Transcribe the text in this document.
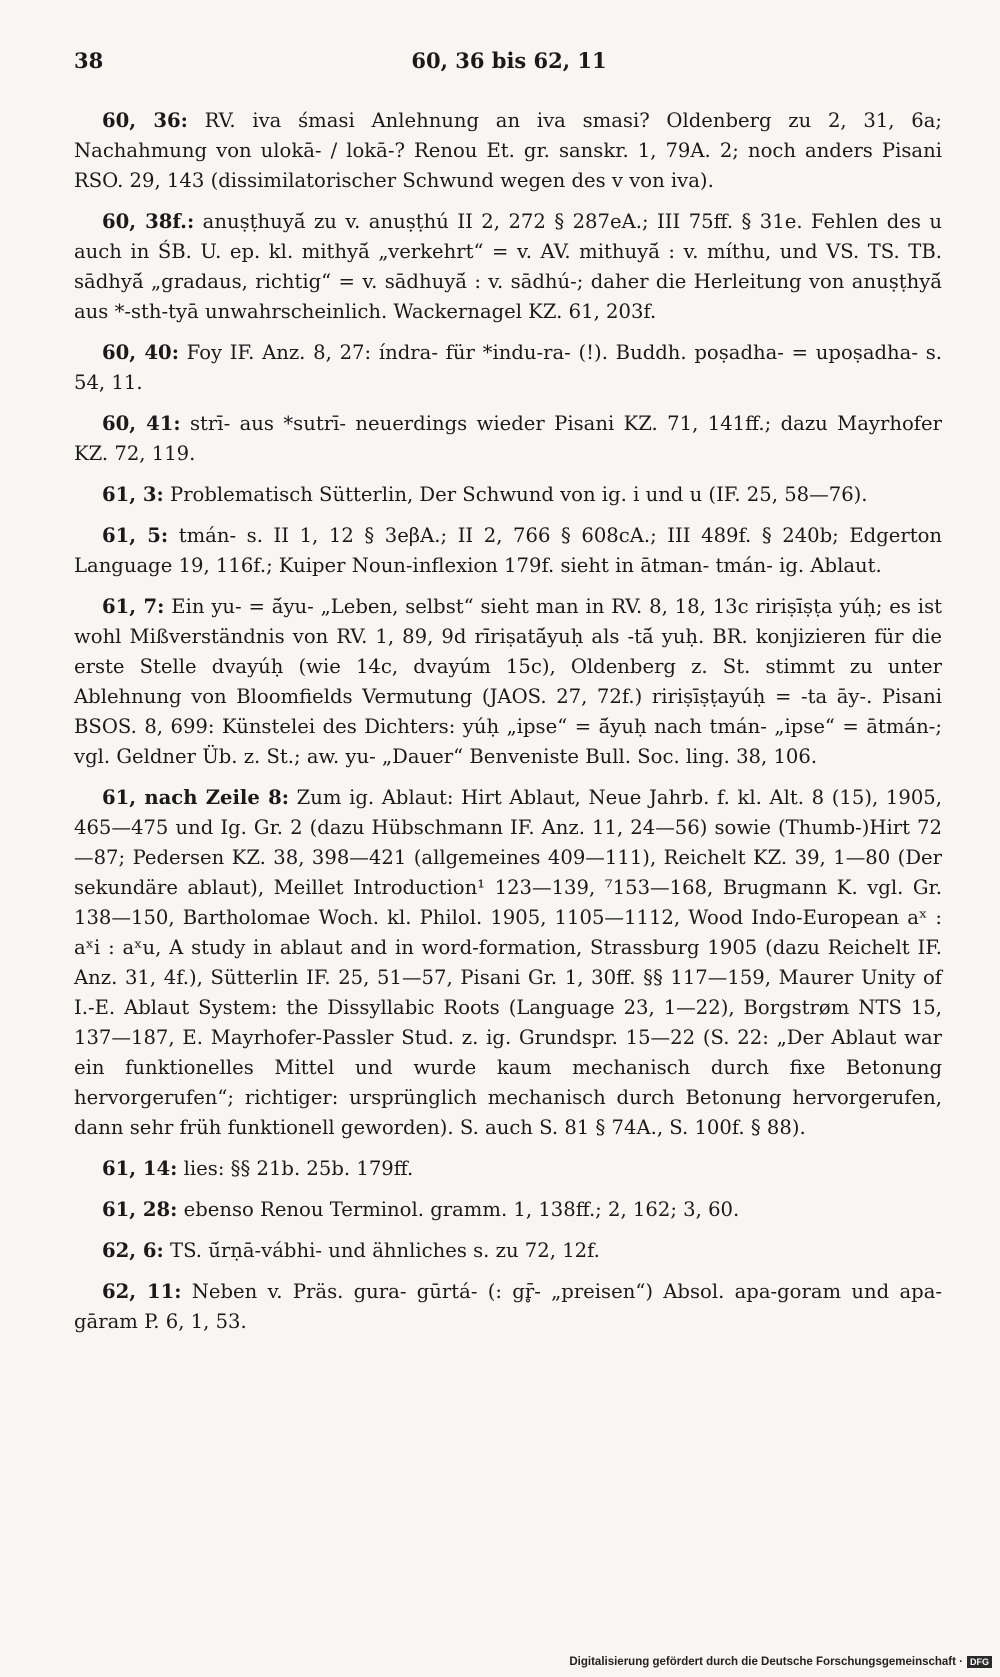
38	60, 36 bis 62, 11

60, 36: RV. iva śmasi Anlehnung an iva smasi? Oldenberg zu 2, 31, 6a; Nachahmung von ulokā- / lokā-? Renou Et. gr. sanskr. 1, 79A. 2; noch anders Pisani RSO. 29, 143 (dissimilatorischer Schwund wegen des v von iva).

60, 38f.: anuṣṭhuyā́ zu v. anuṣṭhú II 2, 272 § 287eA.; III 75ff. § 31e. Fehlen des u auch in ŚB. U. ep. kl. mithyā́ „verkehrt“ = v. AV. mithuyā́ : v. míthu, und VS. TS. TB. sādhyā́ „gradaus, richtig“ = v. sādhuyā́ : v. sādhú-; daher die Herleitung von anuṣṭhyā́ aus *-sth-tyā unwahrscheinlich. Wackernagel KZ. 61, 203f.

60, 40: Foy IF. Anz. 8, 27: índra- für *indu-ra- (!). Buddh. poṣadha- = upoṣadha- s. 54, 11.

60, 41: strī- aus *sutrī- neuerdings wieder Pisani KZ. 71, 141ff.; dazu Mayrhofer KZ. 72, 119.

61, 3: Problematisch Sütterlin, Der Schwund von ig. i und u (IF. 25, 58—76).

61, 5: tmán- s. II 1, 12 § 3eβA.; II 2, 766 § 608cA.; III 489f. § 240b; Edgerton Language 19, 116f.; Kuiper Noun-inflexion 179f. sieht in ātman- tmán- ig. Ablaut.

61, 7: Ein yu- = ā́yu- „Leben, selbst“ sieht man in RV. 8, 18, 13c ririṣīṣṭa yúḥ; es ist wohl Mißverständnis von RV. 1, 89, 9d rīriṣatā́yuḥ als -tā́ yuḥ. BR. konjizieren für die erste Stelle dvayúḥ (wie 14c, dvayúm 15c), Oldenberg z. St. stimmt zu unter Ablehnung von Bloomfields Vermutung (JAOS. 27, 72f.) ririṣīṣṭayúḥ = -ta āy-. Pisani BSOS. 8, 699: Künstelei des Dichters: yúḥ „ipse“ = ā́yuḥ nach tmán- „ipse“ = ātmán-; vgl. Geldner Üb. z. St.; aw. yu- „Dauer“ Benveniste Bull. Soc. ling. 38, 106.

61, nach Zeile 8: Zum ig. Ablaut: Hirt Ablaut, Neue Jahrb. f. kl. Alt. 8 (15), 1905, 465—475 und Ig. Gr. 2 (dazu Hübschmann IF. Anz. 11, 24—56) sowie (Thumb-)Hirt 72—87; Pedersen KZ. 38, 398—421 (allgemeines 409—111), Reichelt KZ. 39, 1—80 (Der sekundäre ablaut), Meillet Introduction¹ 123—139, ⁷153—168, Brugmann K. vgl. Gr. 138—150, Bartholomae Woch. kl. Philol. 1905, 1105—1112, Wood Indo-European aˣ : aˣi : aˣu, A study in ablaut and in word-formation, Strassburg 1905 (dazu Reichelt IF. Anz. 31, 4f.), Sütterlin IF. 25, 51—57, Pisani Gr. 1, 30ff. §§ 117—159, Maurer Unity of I.-E. Ablaut System: the Dissyllabic Roots (Language 23, 1—22), Borgstrøm NTS 15, 137—187, E. Mayrhofer-Passler Stud. z. ig. Grundspr. 15—22 (S. 22: „Der Ablaut war ein funktionelles Mittel und wurde kaum mechanisch durch fixe Betonung hervorgerufen“; richtiger: ursprünglich mechanisch durch Betonung hervorgerufen, dann sehr früh funktionell geworden). S. auch S. 81 § 74A., S. 100f. § 88).

61, 14: lies: §§ 21b. 25b. 179ff.

61, 28: ebenso Renou Terminol. gramm. 1, 138ff.; 2, 162; 3, 60.

62, 6: TS. ū́rṇā-vábhi- und ähnliches s. zu 72, 12f.

62, 11: Neben v. Präs. gura- gūrtá- (: gr̥̄- „preisen“) Absol. apa-goram und apa-gāram P. 6, 1, 53.

Digitalisierung gefördert durch die Deutsche Forschungsgemeinschaft · DFG
